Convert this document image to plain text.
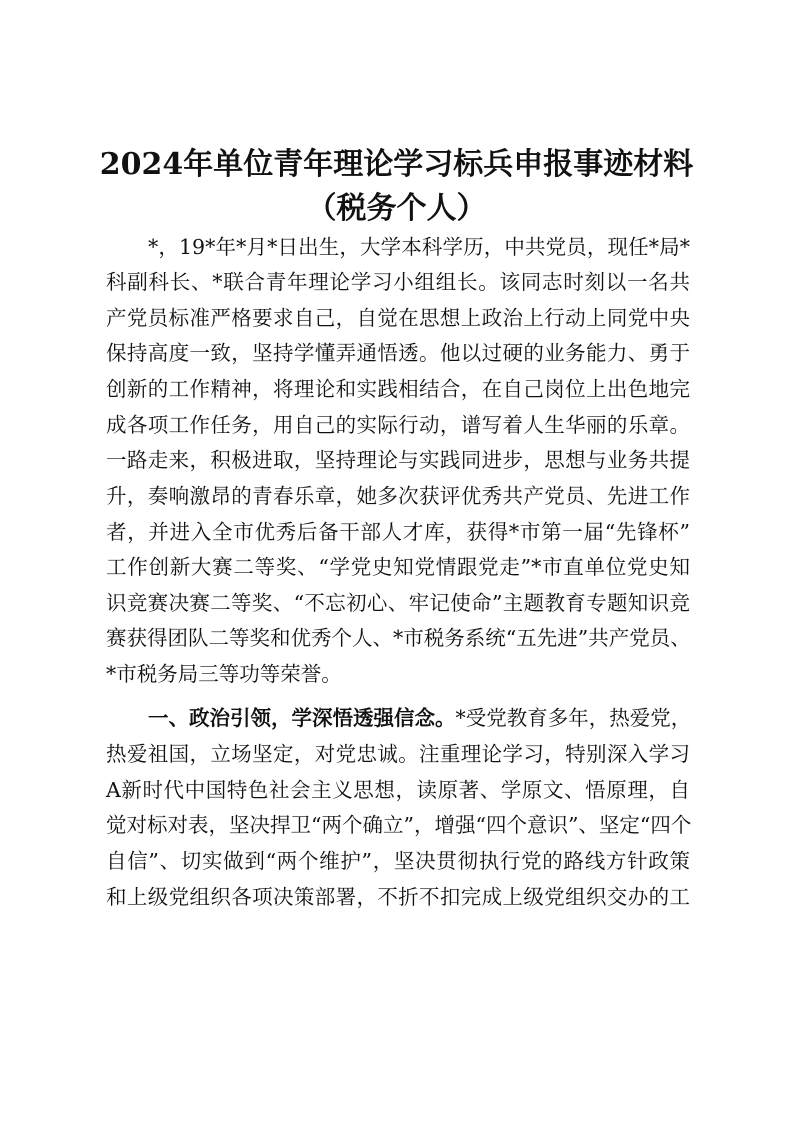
2024年单位青年理论学习标兵申报事迹材料
（税务个人）
*，19*年*月*日出生，大学本科学历，中共党员，现任*局*
科副科长、*联合青年理论学习小组组长。该同志时刻以一名共
产党员标准严格要求自己，自觉在思想上政治上行动上同党中央
保持高度一致，坚持学懂弄通悟透。他以过硬的业务能力、勇于
创新的工作精神，将理论和实践相结合，在自己岗位上出色地完
成各项工作任务，用自己的实际行动，谱写着人生华丽的乐章。
一路走来，积极进取，坚持理论与实践同进步，思想与业务共提
升，奏响激昂的青春乐章，她多次获评优秀共产党员、先进工作
者，并进入全市优秀后备干部人才库，获得*市第一届“先锋杯”
工作创新大赛二等奖、“学党史知党情跟党走”*市直单位党史知
识竞赛决赛二等奖、“不忘初心、牢记使命”主题教育专题知识竞
赛获得团队二等奖和优秀个人、*市税务系统“五先进”共产党员、
*市税务局三等功等荣誉。
一、政治引领，学深悟透强信念。*受党教育多年，热爱党，
热爱祖国，立场坚定，对党忠诚。注重理论学习，特别深入学习
A新时代中国特色社会主义思想，读原著、学原文、悟原理，自
觉对标对表，坚决捍卫“两个确立”，增强“四个意识”、坚定“四个
自信”、切实做到“两个维护”，坚决贯彻执行党的路线方针政策
和上级党组织各项决策部署，不折不扣完成上级党组织交办的工
